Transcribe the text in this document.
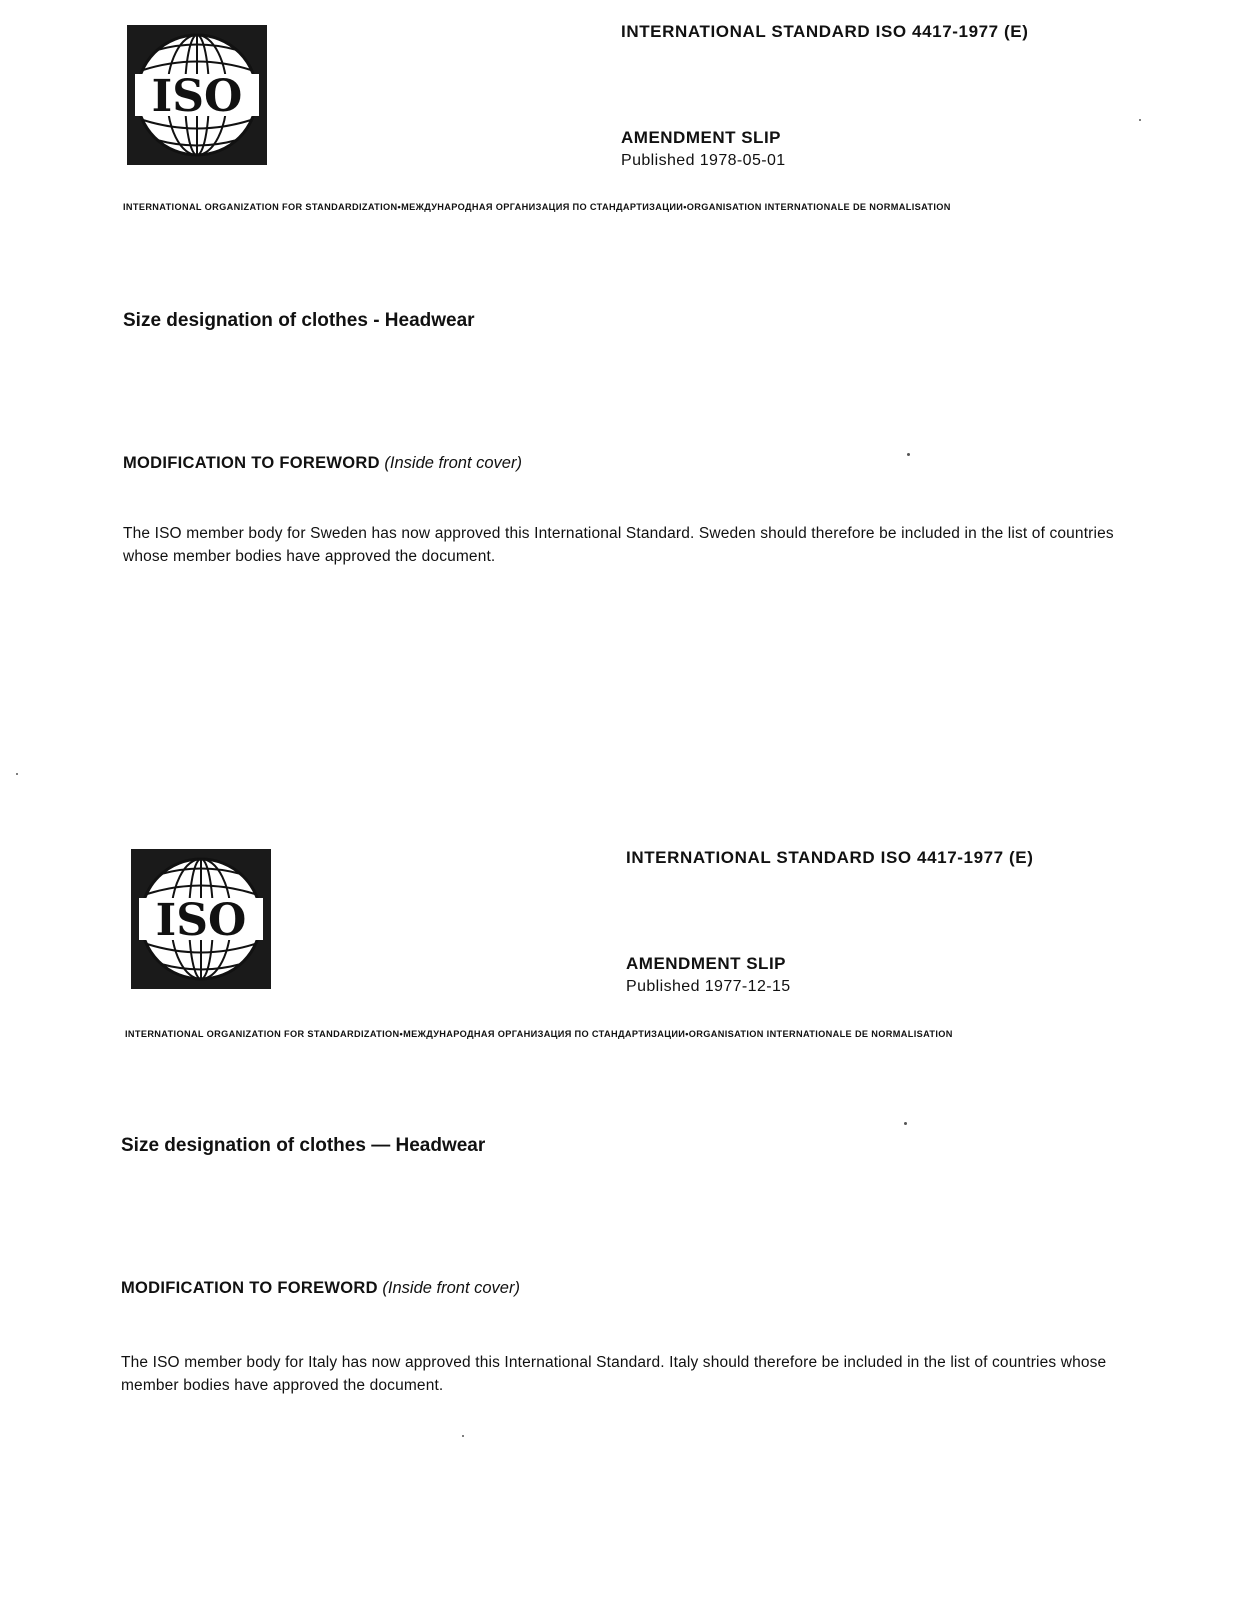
ISO
INTERNATIONAL STANDARD ISO 4417-1977 (E)
AMENDMENT SLIP
Published 1978-05-01
INTERNATIONAL ORGANIZATION FOR STANDARDIZATION•МЕЖДУНАРОДНАЯ ОРГАНИЗАЦИЯ ПО СТАНДАРТИЗАЦИИ•ORGANISATION INTERNATIONALE DE NORMALISATION
Size designation of clothes - Headwear
MODIFICATION TO FOREWORD (Inside front cover)
The ISO member body for Sweden has now approved this International Standard. Sweden should therefore be included in the list of countries whose member bodies have approved the document.
ISO
INTERNATIONAL STANDARD ISO 4417-1977 (E)
AMENDMENT SLIP
Published 1977-12-15
INTERNATIONAL ORGANIZATION FOR STANDARDIZATION•МЕЖДУНАРОДНАЯ ОРГАНИЗАЦИЯ ПО СТАНДАРТИЗАЦИИ•ORGANISATION INTERNATIONALE DE NORMALISATION
Size designation of clothes — Headwear
MODIFICATION TO FOREWORD (Inside front cover)
The ISO member body for Italy has now approved this International Standard. Italy should therefore be included in the list of countries whose member bodies have approved the document.
